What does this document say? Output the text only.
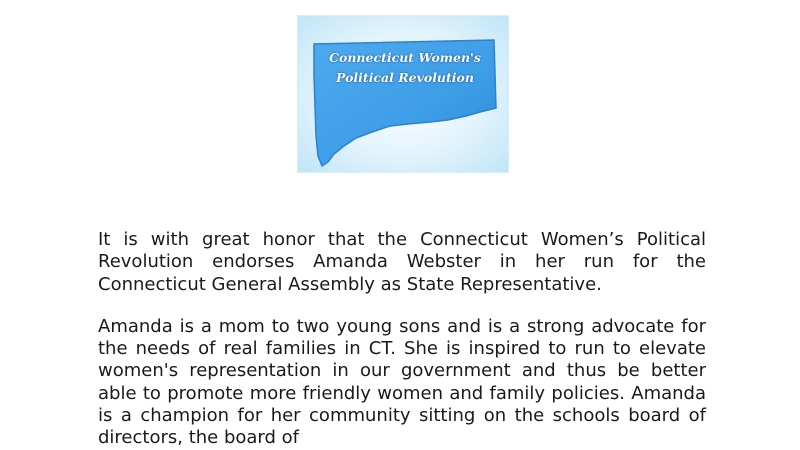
Connecticut Women's
Political Revolution

It is with great honor that the Connecticut Women’s Political Revolution endorses Amanda Webster in her run for the Connecticut General Assembly as State Representative.

Amanda is a mom to two young sons and is a strong advocate for the needs of real families in CT. She is inspired to run to elevate women's representation in our government and thus be better able to promote more friendly women and family policies. Amanda is a champion for her community sitting on the schools board of directors, the board of
